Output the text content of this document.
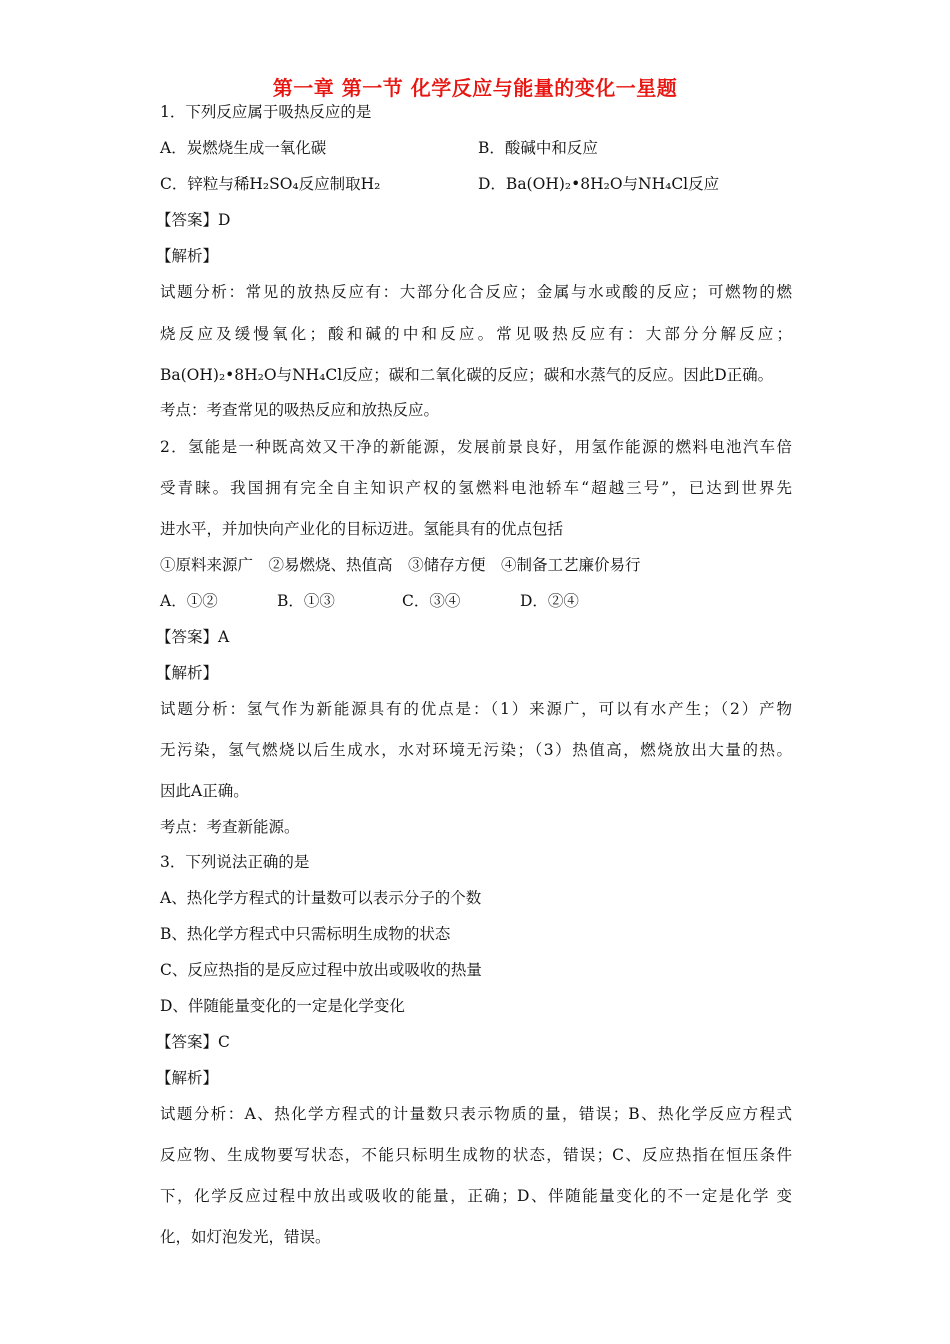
第一章 第一节 化学反应与能量的变化一星题
1．下列反应属于吸热反应的是
A．炭燃烧生成一氧化碳	B．酸碱中和反应
C．锌粒与稀H₂SO₄反应制取H₂	D．Ba(OH)₂•8H₂O与NH₄Cl反应
【答案】D
【解析】
试题分析：常见的放热反应有：大部分化合反应；金属与水或酸的反应；可燃物的燃
烧反应及缓慢氧化；酸和碱的中和反应。常见吸热反应有：大部分分解反应；
Ba(OH)₂•8H₂O与NH₄Cl反应；碳和二氧化碳的反应；碳和水蒸气的反应。因此D正确。
考点：考查常见的吸热反应和放热反应。
2．氢能是一种既高效又干净的新能源，发展前景良好，用氢作能源的燃料电池汽车倍
受青睐。我国拥有完全自主知识产权的氢燃料电池轿车“超越三号”，已达到世界先
进水平，并加快向产业化的目标迈进。氢能具有的优点包括
①原料来源广　②易燃烧、热值高　③储存方便　④制备工艺廉价易行
A．①②	B．①③	C．③④	D．②④
【答案】A
【解析】
试题分析：氢气作为新能源具有的优点是：（1）来源广，可以有水产生；（2）产物
无污染，氢气燃烧以后生成水，水对环境无污染；（3）热值高，燃烧放出大量的热。
因此A正确。
考点：考查新能源。
3．下列说法正确的是
A、热化学方程式的计量数可以表示分子的个数
B、热化学方程式中只需标明生成物的状态
C、反应热指的是反应过程中放出或吸收的热量
D、伴随能量变化的一定是化学变化
【答案】C
【解析】
试题分析：A、热化学方程式的计量数只表示物质的量，错误；B、热化学反应方程式
反应物、生成物要写状态，不能只标明生成物的状态，错误；C、反应热指在恒压条件
下，化学反应过程中放出或吸收的能量，正确；D、伴随能量变化的不一定是化学 变
化，如灯泡发光，错误。
